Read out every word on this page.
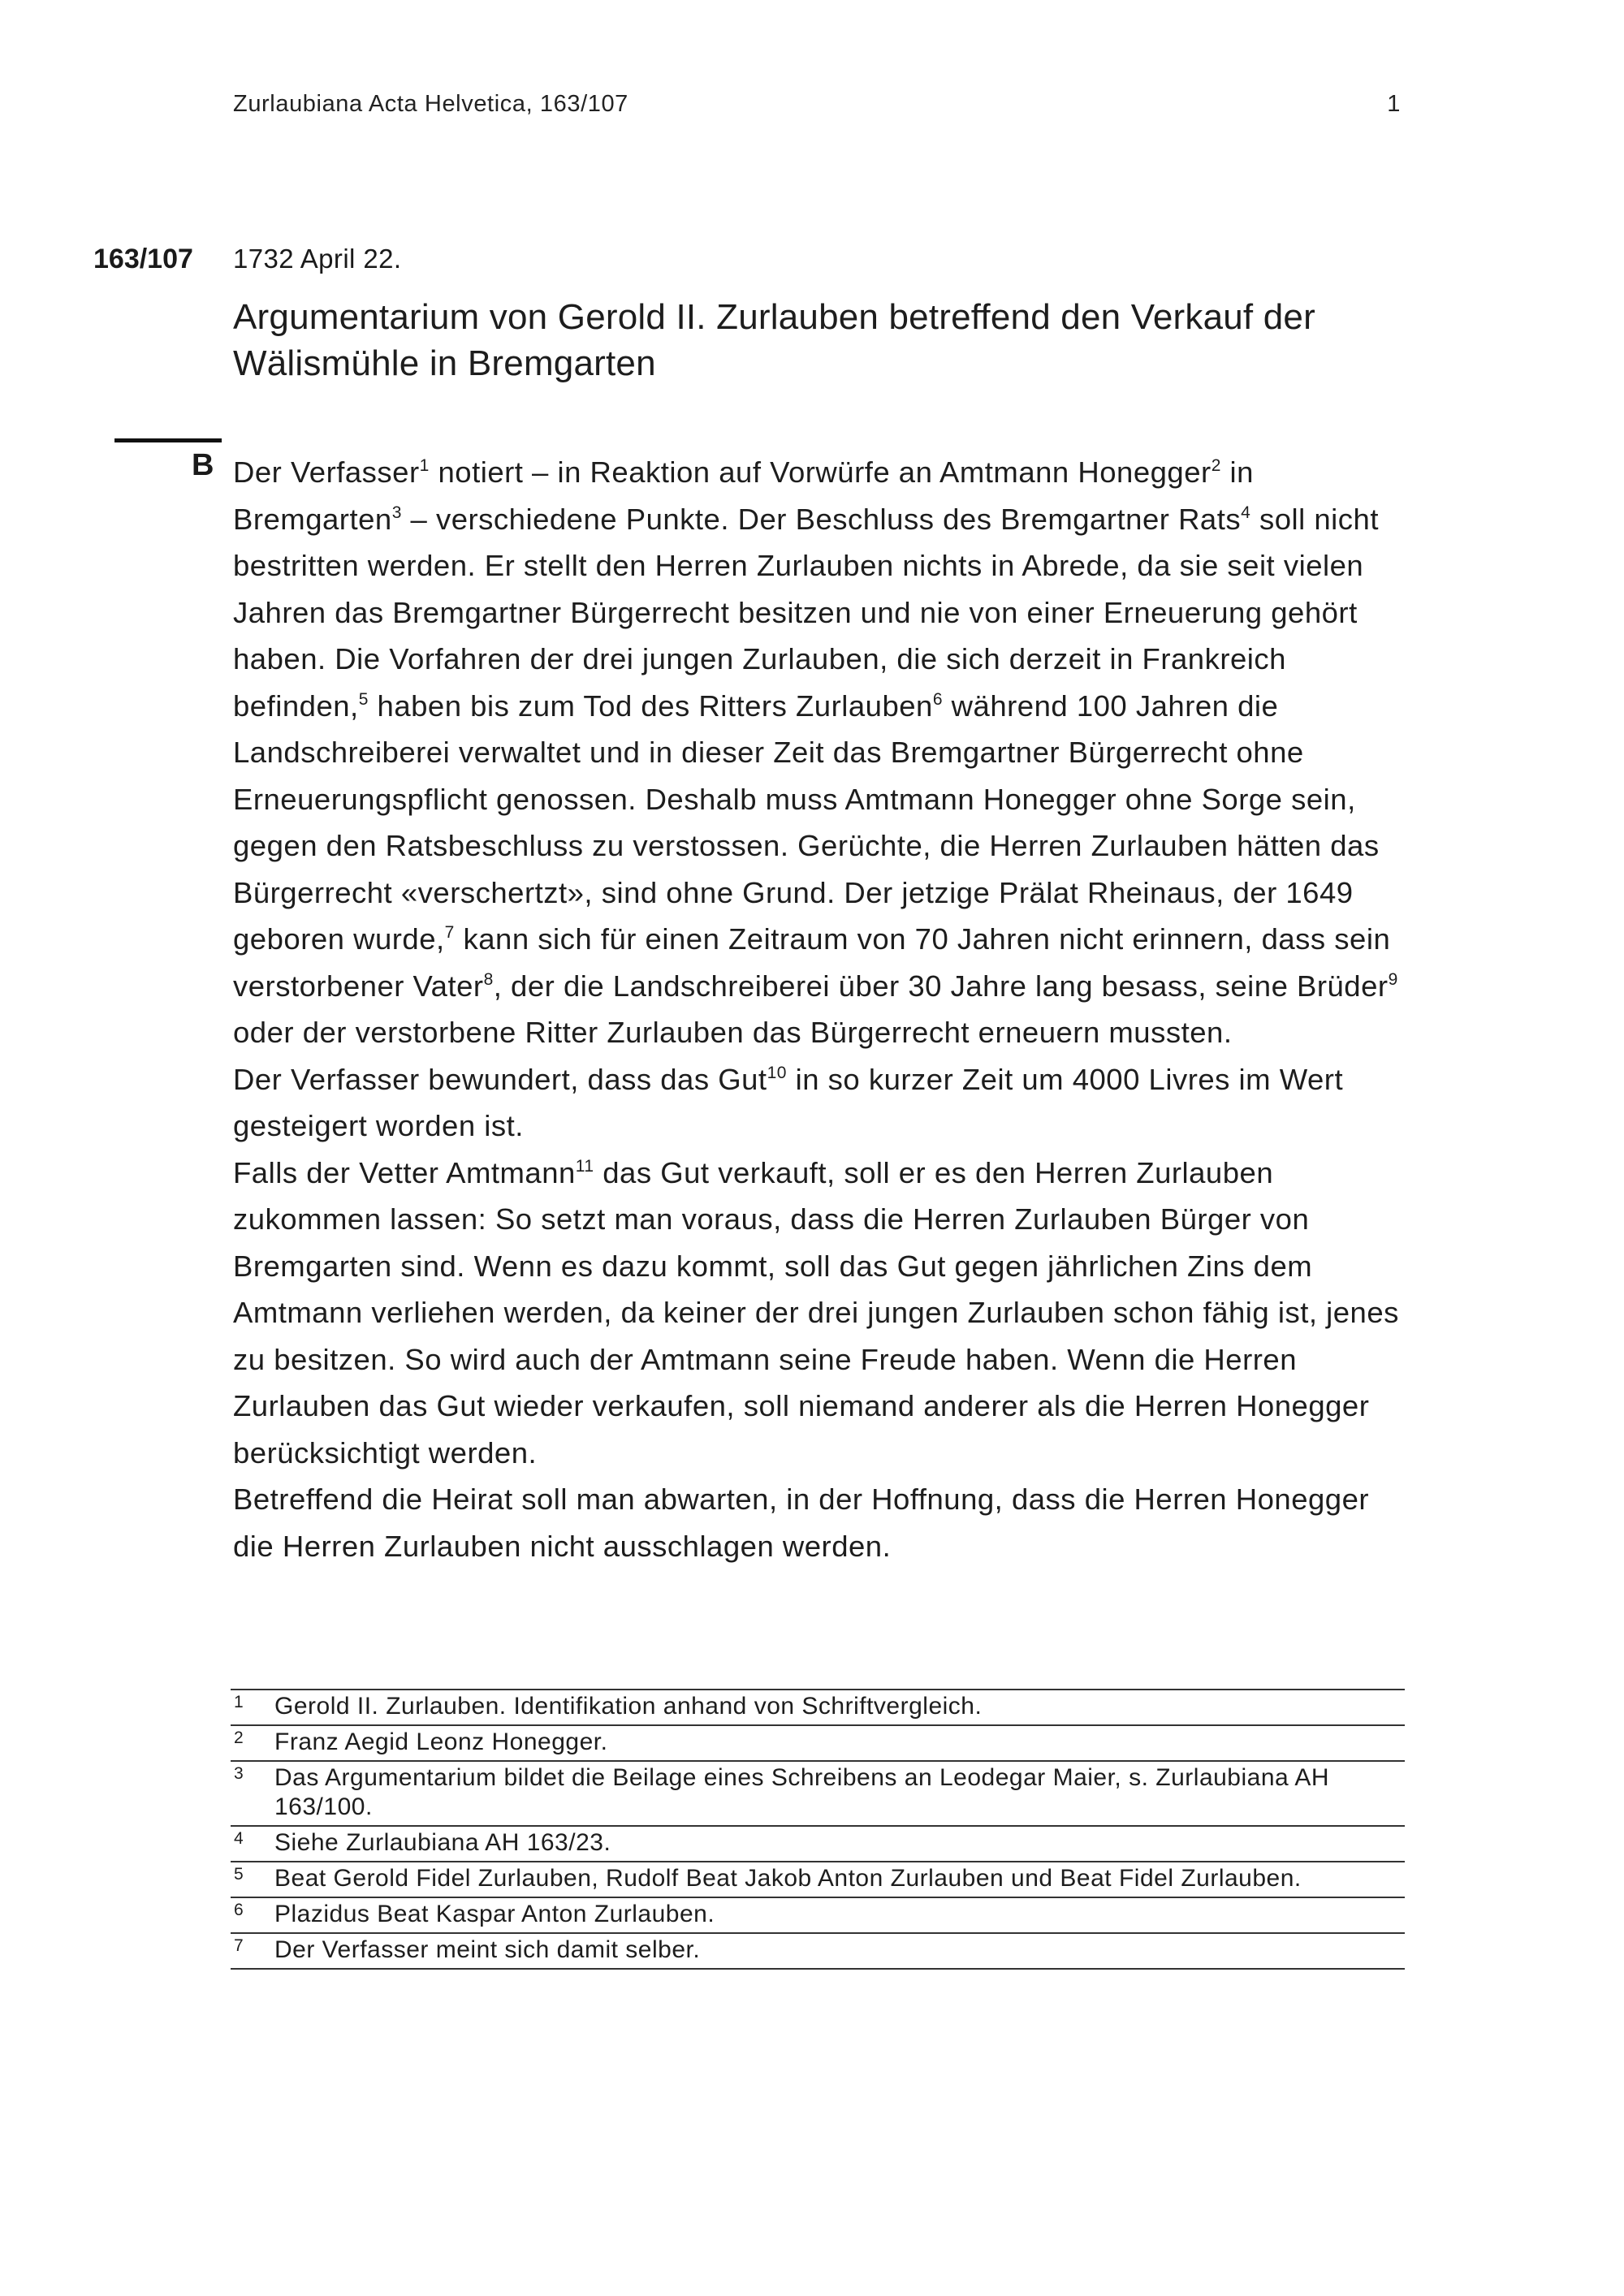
Zurlaubiana Acta Helvetica, 163/107	1
163/107 1732 April 22.
Argumentarium von Gerold II. Zurlauben betreffend den Verkauf der Wälismühle in Bremgarten
B Der Verfasser$^1$ notiert – in Reaktion auf Vorwürfe an Amtmann Honegger$^2$ in Bremgarten$^3$ – verschiedene Punkte. Der Beschluss des Bremgartner Rats$^4$ soll nicht bestritten werden. Er stellt den Herren Zurlauben nichts in Abrede, da sie seit vielen Jahren das Bremgartner Bürgerrecht besitzen und nie von einer Erneuerung gehört haben. Die Vorfahren der drei jungen Zurlauben, die sich derzeit in Frankreich befinden,$^5$ haben bis zum Tod des Ritters Zurlauben$^6$ während 100 Jahren die Landschreiberei verwaltet und in dieser Zeit das Bremgartner Bürgerrecht ohne Erneuerungspflicht genossen. Deshalb muss Amtmann Honegger ohne Sorge sein, gegen den Ratsbeschluss zu verstossen. Gerüchte, die Herren Zurlauben hätten das Bürgerrecht «verschertzt», sind ohne Grund. Der jetzige Prälat Rheinaus, der 1649 geboren wurde,$^7$ kann sich für einen Zeitraum von 70 Jahren nicht erinnern, dass sein verstorbener Vater$^8$, der die Landschreiberei über 30 Jahre lang besass, seine Brüder$^9$ oder der verstorbene Ritter Zurlauben das Bürgerrecht erneuern mussten.

Der Verfasser bewundert, dass das Gut$^{10}$ in so kurzer Zeit um 4000 Livres im Wert gesteigert worden ist.

Falls der Vetter Amtmann$^{11}$ das Gut verkauft, soll er es den Herren Zurlauben zukommen lassen: So setzt man voraus, dass die Herren Zurlauben Bürger von Bremgarten sind. Wenn es dazu kommt, soll das Gut gegen jährlichen Zins dem Amtmann verliehen werden, da keiner der drei jungen Zurlauben schon fähig ist, jenes zu besitzen. So wird auch der Amtmann seine Freude haben. Wenn die Herren Zurlauben das Gut wieder verkaufen, soll niemand anderer als die Herren Honegger berücksichtigt werden.

Betreffend die Heirat soll man abwarten, in der Hoffnung, dass die Herren Honegger die Herren Zurlauben nicht ausschlagen werden.

1	Gerold II. Zurlauben. Identifikation anhand von Schriftvergleich.
2	Franz Aegid Leonz Honegger.
3	Das Argumentarium bildet die Beilage eines Schreibens an Leodegar Maier, s. Zurlaubiana AH 163/100.
4	Siehe Zurlaubiana AH 163/23.
5	Beat Gerold Fidel Zurlauben, Rudolf Beat Jakob Anton Zurlauben und Beat Fidel Zurlauben.
6	Plazidus Beat Kaspar Anton Zurlauben.
7	Der Verfasser meint sich damit selber.
